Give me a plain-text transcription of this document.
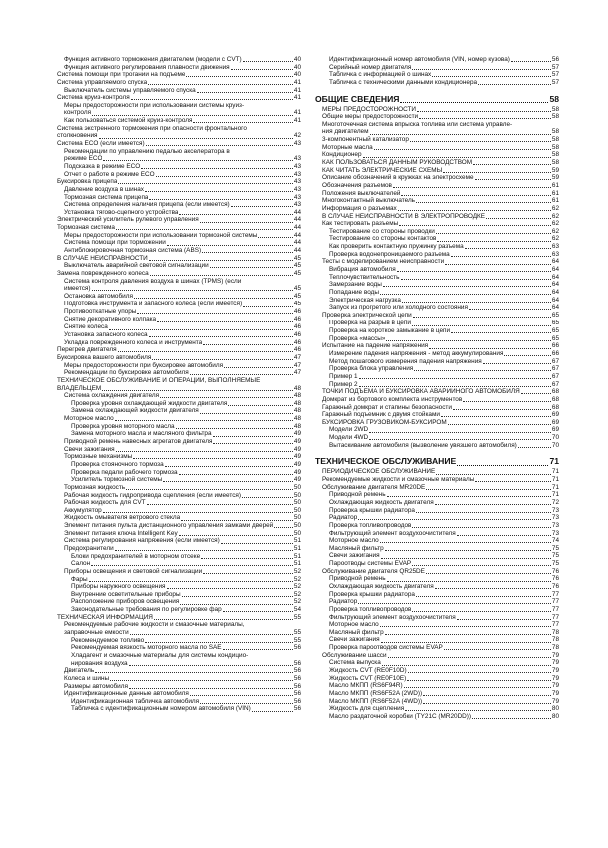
Функция активного торможения двигателем (модели с CVT)	40
Функция активного регулирования плавности движения	40
Система помощи при трогании на подъеме	40
Система управляемого спуска	41
Выключатель системы управляемого спуска	41
Система круиз-контроля	41
Меры предосторожности при использовании системы круиз-
контроля	41
Как пользоваться системой круиз-контроля	41
Система экстренного торможения при опасности фронтального
столкновения	42
Система ECO (если имеется)	43
Рекомендации по управлению педалью акселератора в
режиме ECO	43
Подсказка в режиме ECO	43
Отчет о работе в режиме ECO	43
Буксировка прицепа	43
Давление воздуха в шинах	43
Тормозная система прицепа	43
Система определения наличия прицепа (если имеется)	43
Установка тягово-сцепного устройства	44
Электрический усилитель рулевого управления	44
Тормозная система	44
Меры предосторожности при использовании тормозной системы	44
Система помощи при торможении	44
Антиблокировочная тормозная система (ABS)	44
В СЛУЧАЕ НЕИСПРАВНОСТИ	45
Выключатель аварийной световой сигнализации	45
Замена поврежденного колеса	45
Система контроля давления воздуха в шинах (TPMS) (если
имеется)	45
Остановка автомобиля	45
Подготовка инструмента и запасного колеса (если имеется)	45
Противооткатные упоры	46
Снятие декоративного колпака	46
Снятие колеса	46
Установка запасного колеса	46
Укладка поврежденного колеса и инструмента	46
Перегрев двигателя	46
Буксировка вашего автомобиля	47
Меры предосторожности при буксировке автомобиля	47
Рекомендации по буксировке автомобиля	47
ТЕХНИЧЕСКОЕ ОБСЛУЖИВАНИЕ И ОПЕРАЦИИ, ВЫПОЛНЯЕМЫЕ
ВЛАДЕЛЬЦЕМ	48
Система охлаждения двигателя	48
Проверка уровня охлаждающей жидкости двигателя	48
Замена охлаждающей жидкости двигателя	48
Моторное масло	48
Проверка уровня моторного масла	48
Замена моторного масла и масляного фильтра	49
Приводной ремень навесных агрегатов двигателя	49
Свечи зажигания	49
Тормозные механизмы	49
Проверка стояночного тормоза	49
Проверка педали рабочего тормоза	49
Усилитель тормозной системы	49
Тормозная жидкость	50
Рабочая жидкость гидропривода сцепления (если имеется)	50
Рабочая жидкость для CVT	50
Аккумулятор	50
Жидкость омывателя ветрового стекла	50
Элемент питания пульта дистанционного управления замками дверей	50
Элемент питания ключа Intelligent Key	50
Система регулирования напряжения (если имеется)	51
Предохранители	51
Блоки предохранителей в моторном отсеке	51
Салон	51
Приборы освещения и световой сигнализации	52
Фары	52
Приборы наружного освещения	52
Внутренние осветительные приборы	52
Расположение приборов освещения	52
Законодательные требования по регулировке фар	54
ТЕХНИЧЕСКАЯ ИНФОРМАЦИЯ	55
Рекомендуемые рабочие жидкости и смазочные материалы,
заправочные емкости	55
Рекомендуемое топливо	55
Рекомендуемая вязкость моторного масла по SAE	56
Хладагент и смазочные материалы для системы кондицио-
нирования воздуха	56
Двигатель	56
Колеса и шины	56
Размеры автомобиля	56
Идентификационные данные автомобиля	56
Идентификационная табличка автомобиля	56
Табличка с идентификационным номером автомобиля (VIN)	56
Идентификационный номер автомобиля (VIN, номер кузова)	56
Серийный номер двигателя	57
Табличка с информацией о шинах	57
Табличка с техническими данными кондиционера	57
ОБЩИЕ СВЕДЕНИЯ	58
МЕРЫ ПРЕДОСТОРОЖНОСТИ	58
Общие меры предосторожности	58
Многоточечная система впрыска топлива или система управле-
ния двигателем	58
3-компонентный катализатор	58
Моторные масла	58
Кондиционер	58
КАК ПОЛЬЗОВАТЬСЯ ДАННЫМ РУКОВОДСТВОМ	58
КАК ЧИТАТЬ ЭЛЕКТРИЧЕСКИЕ СХЕМЫ	59
Описание обозначений в кружках на электросхеме	59
Обозначения разъемов	61
Положения выключателей	61
Многоконтактный выключатель	61
Информация о разъемах	62
В СЛУЧАЕ НЕИСПРАВНОСТИ В ЭЛЕКТРОПРОВОДКЕ	62
Как тестировать разъемы	62
Тестирование со стороны проводки	62
Тестирование со стороны контактов	62
Как проверить контактную пружинку разъема	63
Проверка водонепроницаемого разъема	63
Тесты с моделированием неисправности	64
Вибрация автомобиля	64
Теплочувствительность	64
Замерзание воды	64
Попадание воды	64
Электрическая нагрузка	64
Запуск из прогретого или холодного состояния	64
Проверка электрической цепи	65
Проверка на разрыв в цепи	65
Проверка на короткое замыкание в цепи	65
Проверка «массы»	65
Испытание на падение напряжения	66
Измерение падения напряжения - метод аккумулирования	66
Метод пошагового измерения падения напряжения	67
Проверка блока управления	67
Пример 1	67
Пример 2	67
ТОЧКИ ПОДЪЕМА И БУКСИРОВКА АВАРИЙНОГО АВТОМОБИЛЯ	68
Домкрат из бортового комплекта инструментов	68
Гаражный домкрат и стапины безопасности	68
Гаражный подъемник с двумя стойками	69
БУКСИРОВКА ГРУЗОВИКОМ-БУКСИРОМ	69
Модели 2WD	69
Модели 4WD	70
Вытаскивание автомобиля (вызволение увязшего автомобиля)	70
ТЕХНИЧЕСКОЕ ОБСЛУЖИВАНИЕ	71
ПЕРИОДИЧЕСКОЕ ОБСЛУЖИВАНИЕ	71
Рекомендуемые жидкости и смазочные материалы	71
Обслуживание двигателя MR20DE	71
Приводной ремень	71
Охлаждающая жидкость двигателя	72
Проверка крышки радиатора	73
Радиатор	73
Проверка топливопроводов	73
Фильтрующий элемент воздухоочистителя	73
Моторное масло	74
Масляный фильтр	75
Свечи зажигания	75
Пароотводы системы EVAP	75
Обслуживание двигателя QR25DE	76
Приводной ремень	76
Охлаждающая жидкость двигателя	76
Проверка крышки радиатора	77
Радиатор	77
Проверка топливопроводов	77
Фильтрующий элемент воздухоочистителя	77
Моторное масло	77
Масляный фильтр	78
Свечи зажигания	78
Проверка пароотводов системы EVAP	78
Обслуживание шасси	79
Система выпуска	79
Жидкость CVT (RE0F10D)	79
Жидкость CVT (RE0F10E)	79
Масло МКПП (RS6F94R)	79
Масло МКПП (RS6F52A (2WD))	79
Масло МКПП (RS6F52A (4WD))	79
Жидкость для сцепления	80
Масло раздаточной коробки (TY21C (MR20DD))	80
